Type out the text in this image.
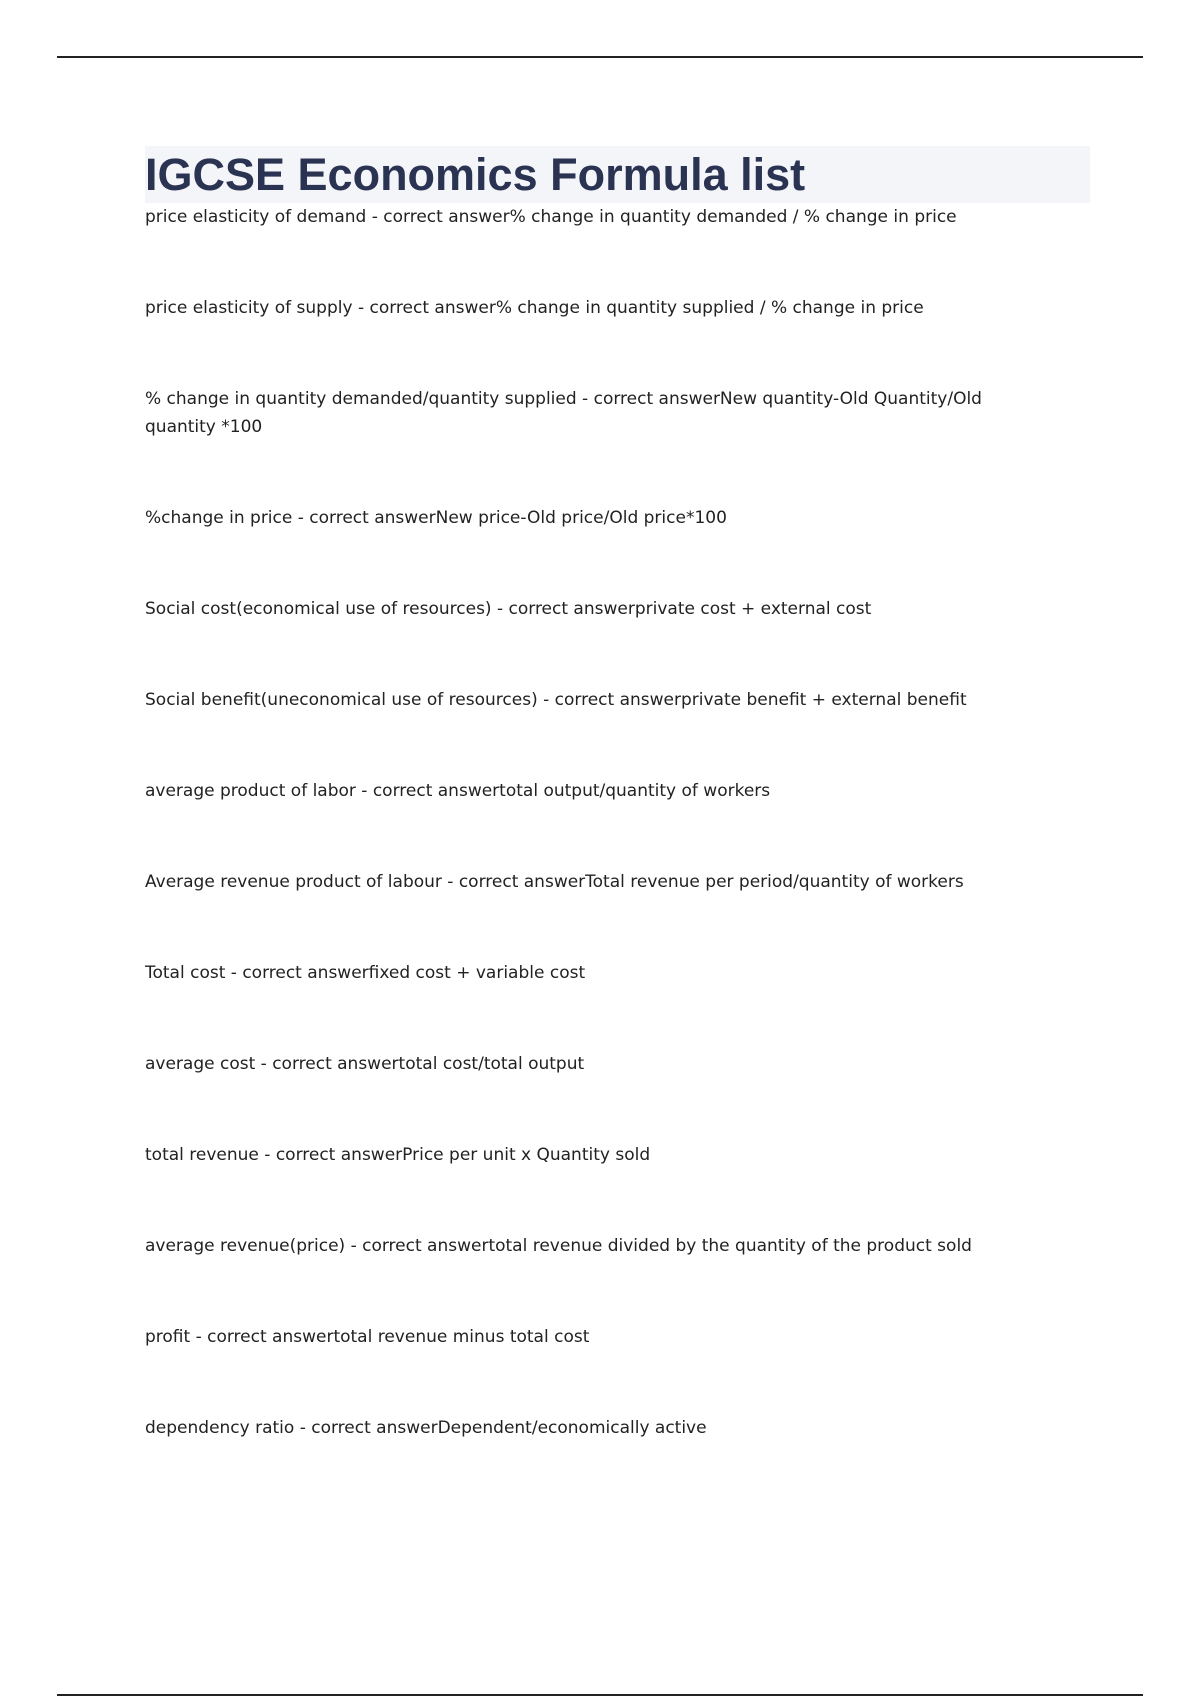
IGCSE Economics Formula list
price elasticity of demand - correct answer% change in quantity demanded / % change in price
price elasticity of supply - correct answer% change in quantity supplied / % change in price
% change in quantity demanded/quantity supplied - correct answerNew quantity-Old Quantity/Old quantity *100
%change in price - correct answerNew price-Old price/Old price*100
Social cost(economical use of resources) - correct answerprivate cost + external cost
Social benefit(uneconomical use of resources) - correct answerprivate benefit + external benefit
average product of labor - correct answertotal output/quantity of workers
Average revenue product of labour - correct answerTotal revenue per period/quantity of workers
Total cost - correct answerfixed cost + variable cost
average cost - correct answertotal cost/total output
total revenue - correct answerPrice per unit x Quantity sold
average revenue(price) - correct answertotal revenue divided by the quantity of the product sold
profit - correct answertotal revenue minus total cost
dependency ratio - correct answerDependent/economically active
